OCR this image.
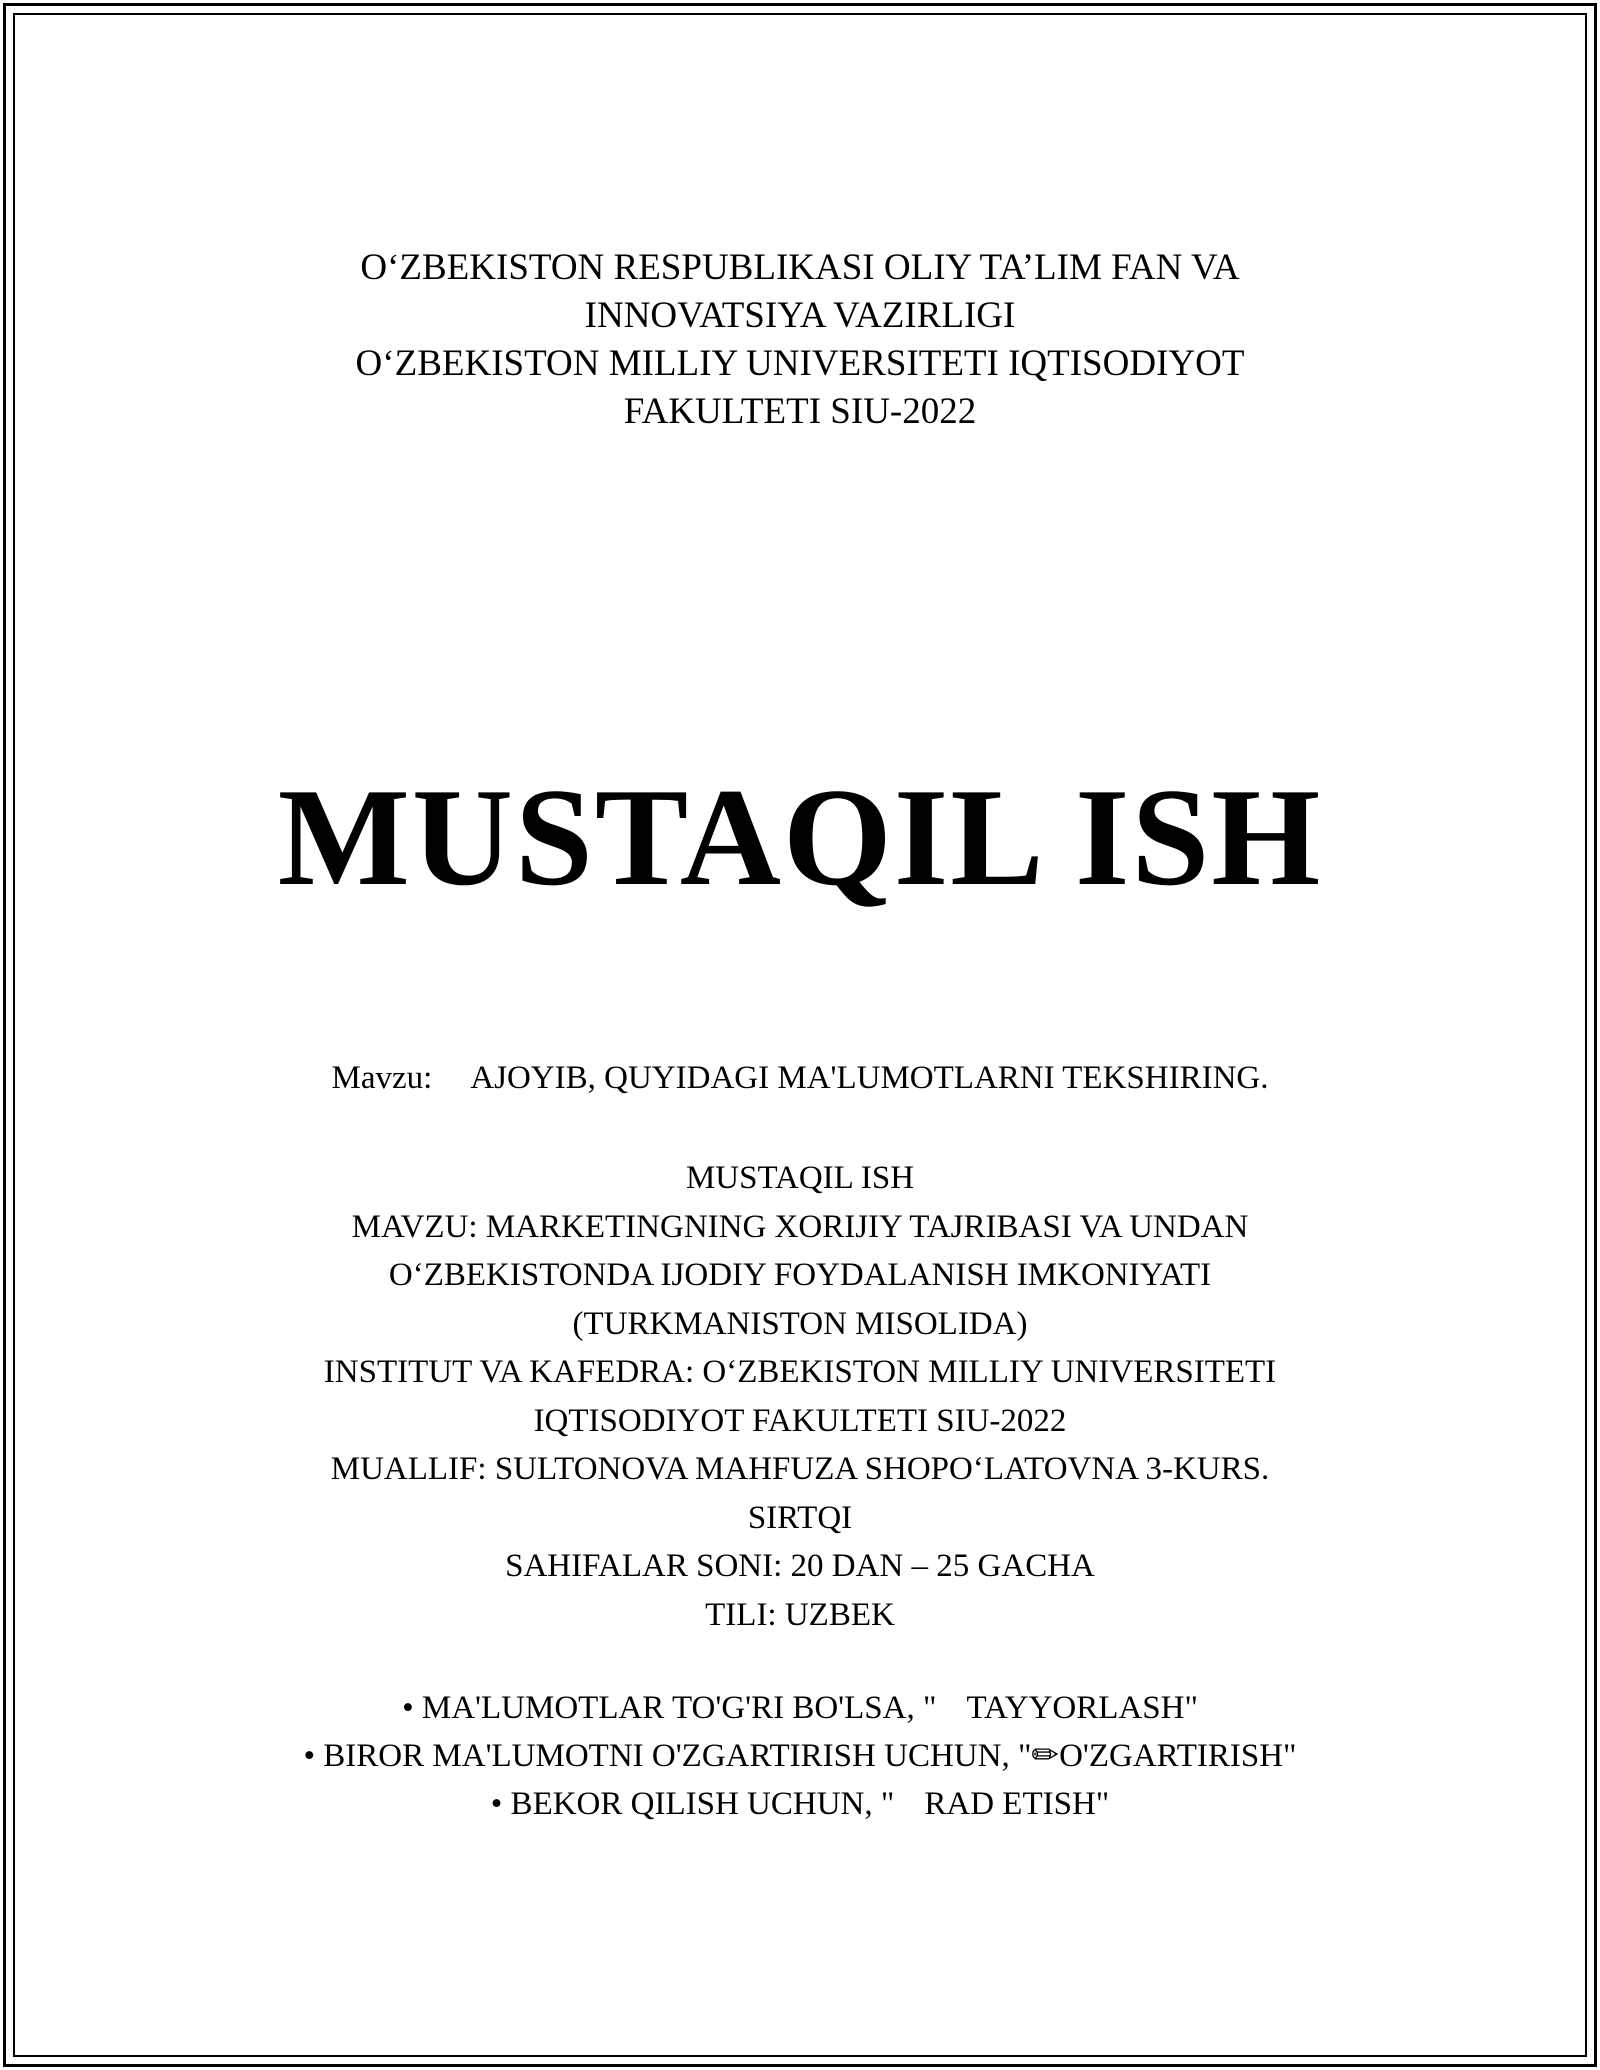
O‘ZBEKISTON RESPUBLIKASI OLIY TA’LIM FAN VA
INNOVATSIYA VAZIRLIGI
O‘ZBEKISTON MILLIY UNIVERSITETI IQTISODIYOT
FAKULTETI SIU-2022
MUSTAQIL ISH
Mavzu: AJOYIB, QUYIDAGI MA'LUMOTLARNI TEKSHIRING.
MUSTAQIL ISH
MAVZU: MARKETINGNING XORIJIY TAJRIBASI VA UNDAN
O‘ZBEKISTONDA IJODIY FOYDALANISH IMKONIYATI
(TURKMANISTON MISOLIDA)
INSTITUT VA KAFEDRA: O‘ZBEKISTON MILLIY UNIVERSITETI
IQTISODIYOT FAKULTETI SIU-2022
MUALLIF: SULTONOVA MAHFUZA SHOPO‘LATOVNA 3-KURS.
SIRTQI
SAHIFALAR SONI: 20 DAN – 25 GACHA
TILI: UZBEK
• MA'LUMOTLAR TO'G'RI BO'LSA, " TAYYORLASH"
• BIROR MA'LUMOTNI O'ZGARTIRISH UCHUN, "✏O'ZGARTIRISH"
• BEKOR QILISH UCHUN, " RAD ETISH"
